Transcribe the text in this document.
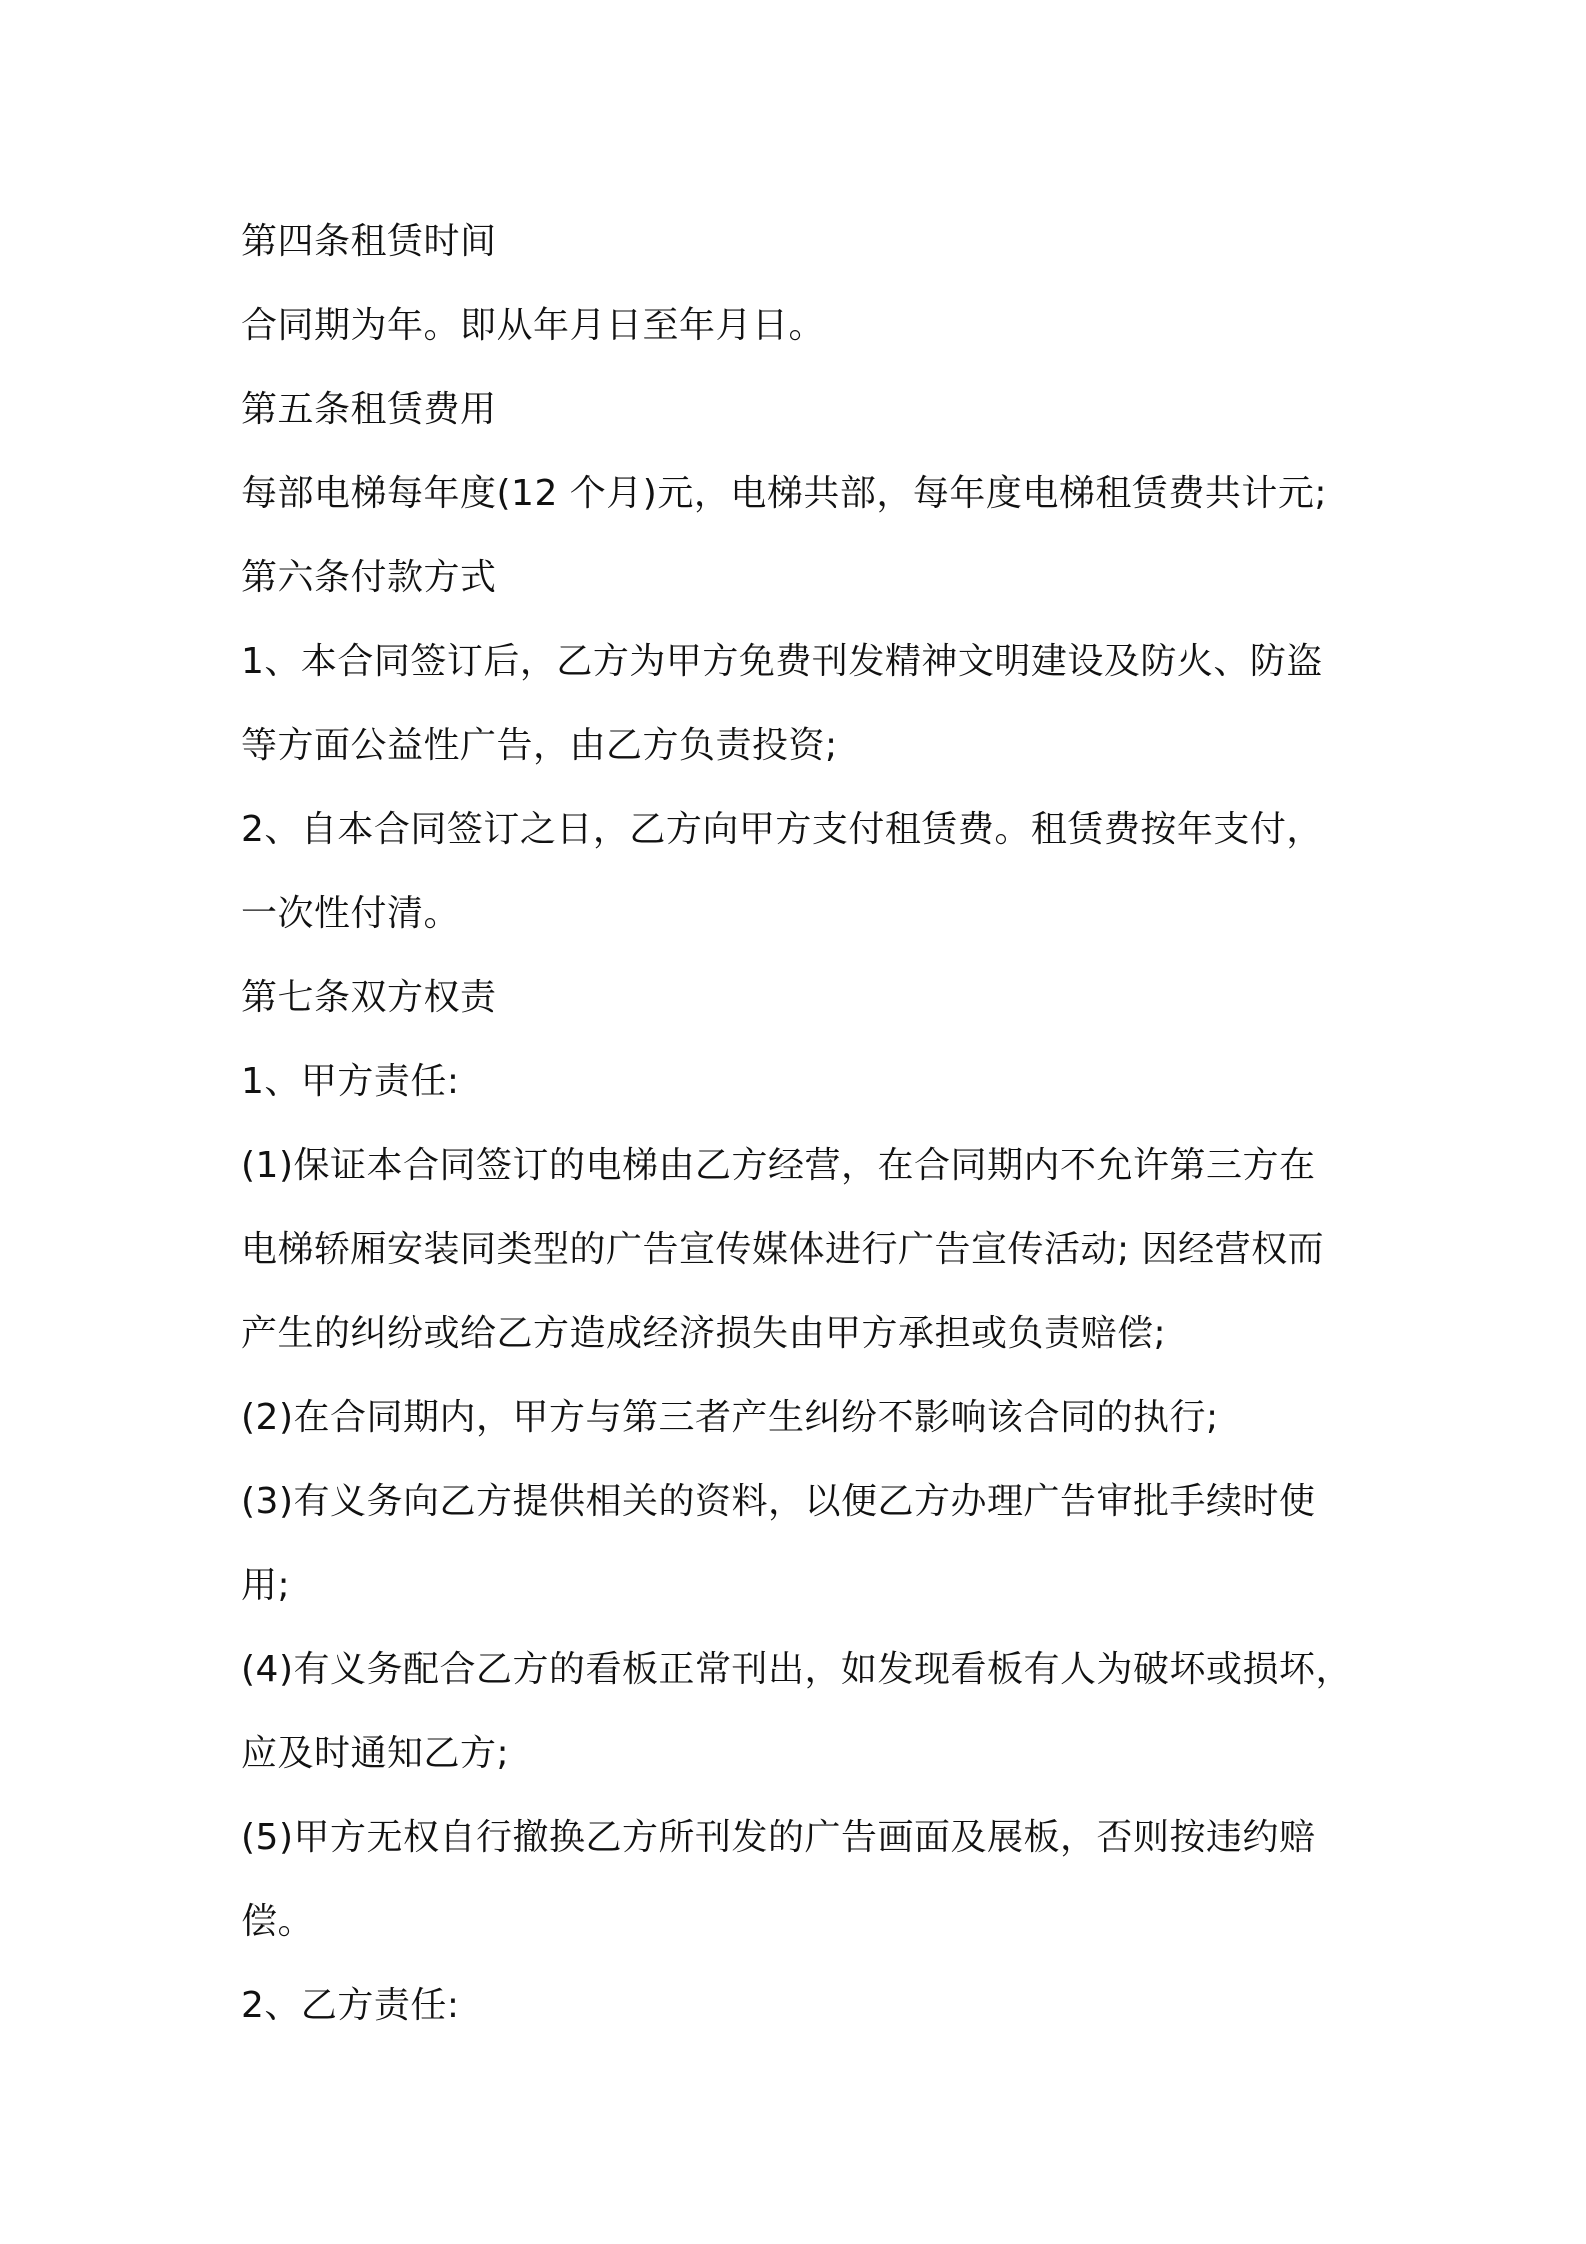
第四条租赁时间

合同期为年。即从年月日至年月日。

第五条租赁费用

每部电梯每年度(12 个月)元，电梯共部，每年度电梯租赁费共计元;

第六条付款方式

1、本合同签订后，乙方为甲方免费刊发精神文明建设及防火、防盗

等方面公益性广告，由乙方负责投资;

2、自本合同签订之日，乙方向甲方支付租赁费。租赁费按年支付，

一次性付清。

第七条双方权责

1、甲方责任:

(1)保证本合同签订的电梯由乙方经营，在合同期内不允许第三方在

电梯轿厢安装同类型的广告宣传媒体进行广告宣传活动; 因经营权而

产生的纠纷或给乙方造成经济损失由甲方承担或负责赔偿;

(2)在合同期内，甲方与第三者产生纠纷不影响该合同的执行;

(3)有义务向乙方提供相关的资料，以便乙方办理广告审批手续时使

用;

(4)有义务配合乙方的看板正常刊出，如发现看板有人为破坏或损坏，

应及时通知乙方;

(5)甲方无权自行撤换乙方所刊发的广告画面及展板，否则按违约赔

偿。

2、乙方责任:
